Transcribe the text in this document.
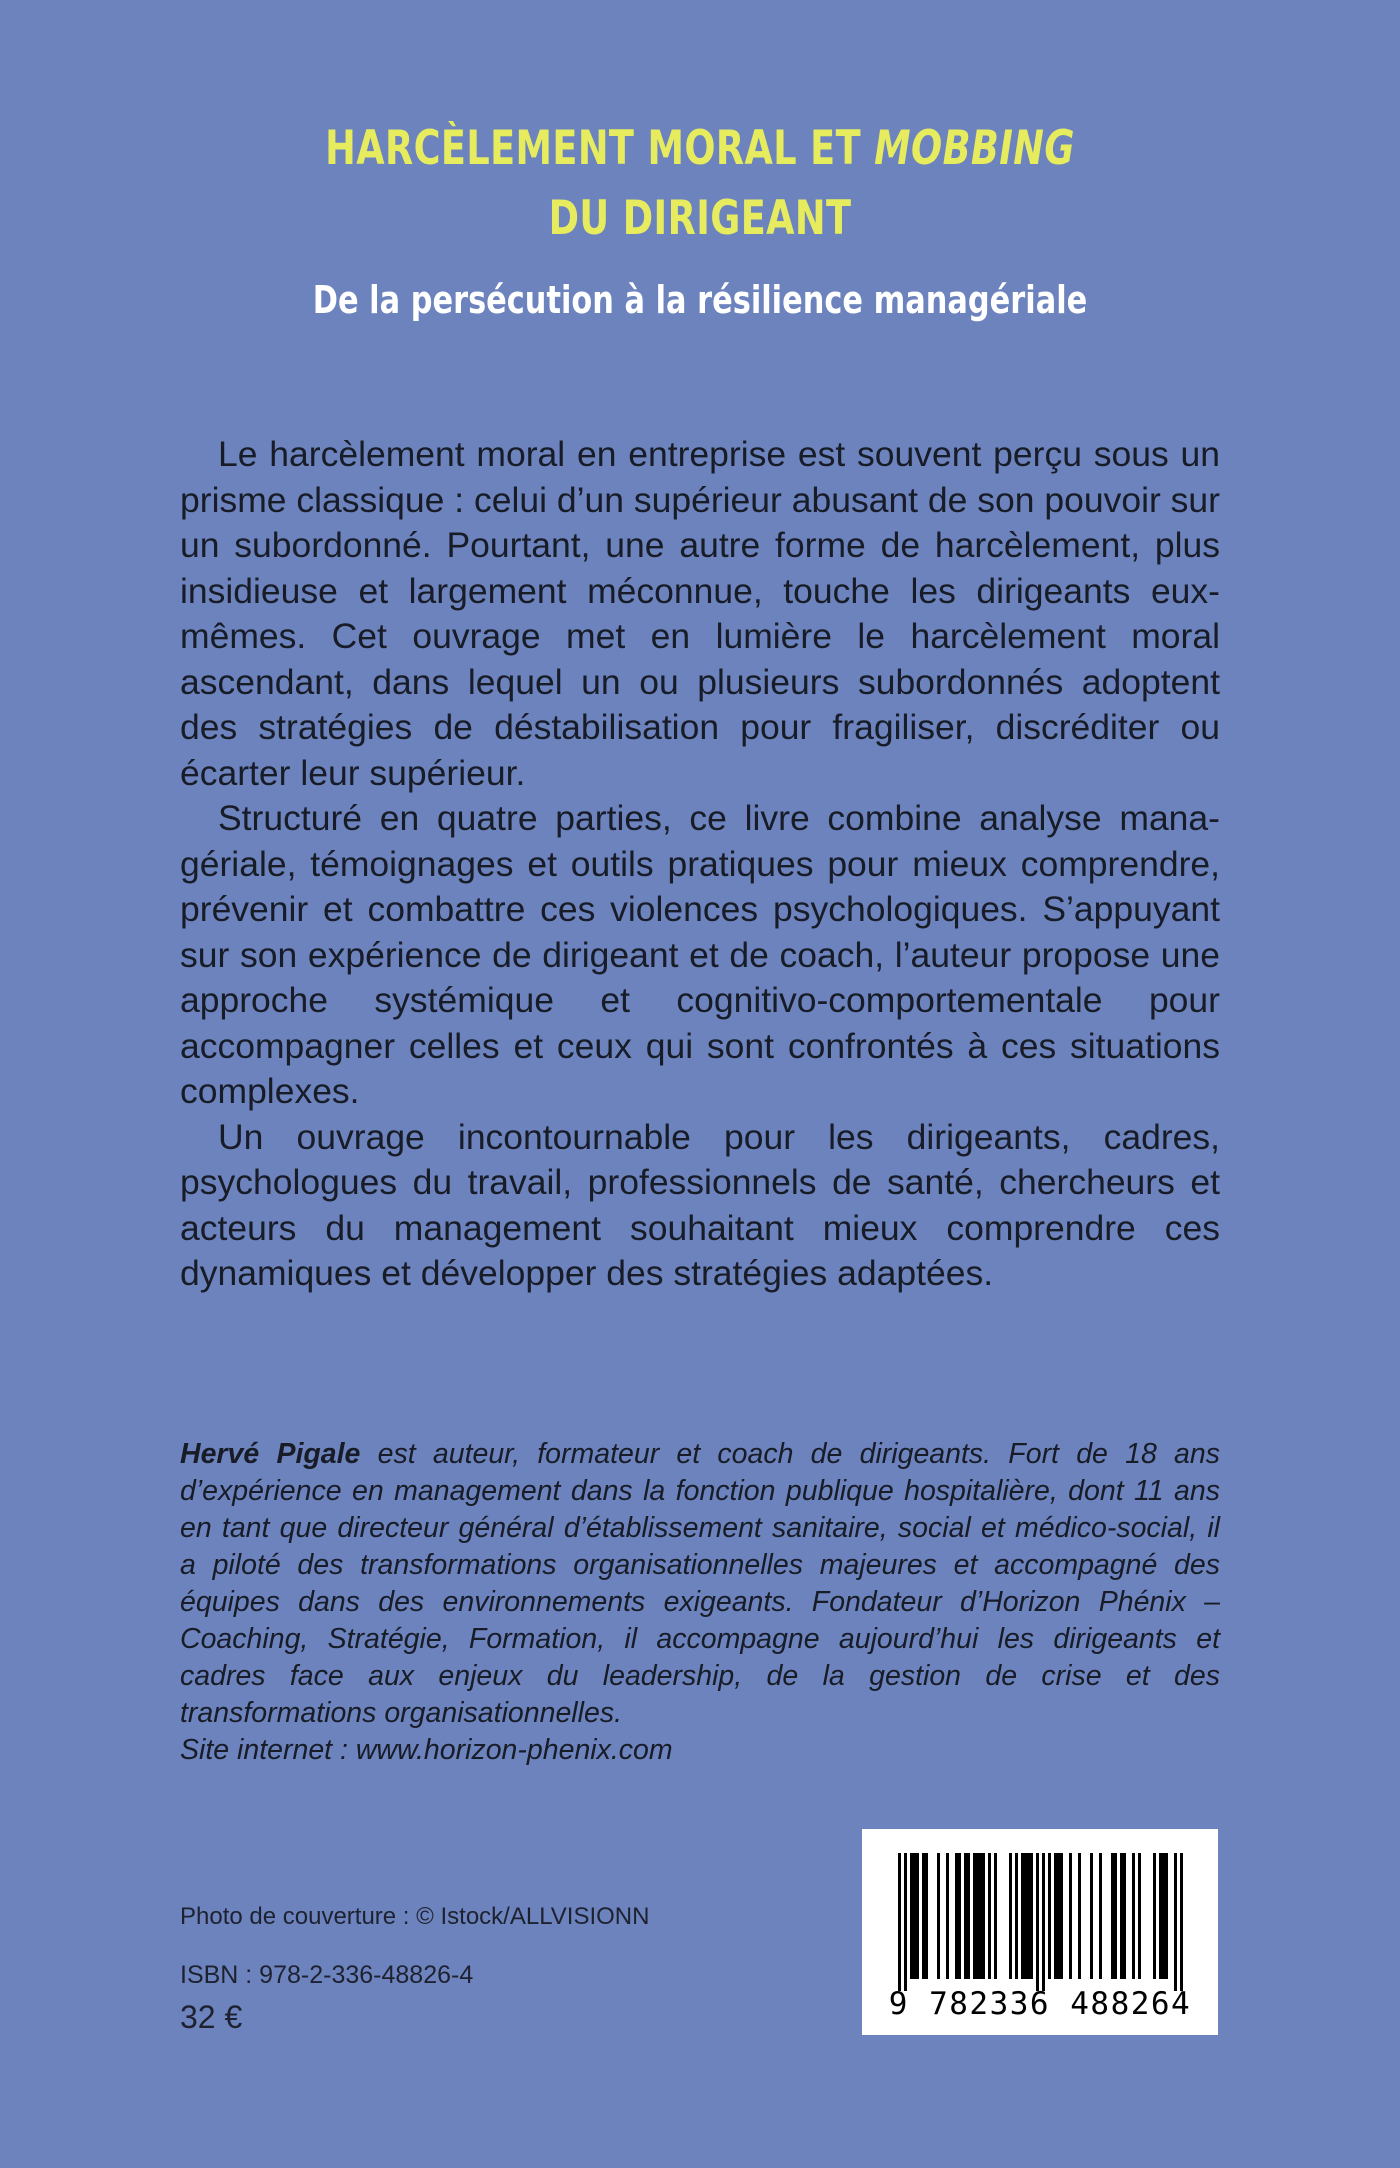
HARCÈLEMENT MORAL ET MOBBING
DU DIRIGEANT
De la persécution à la résilience managériale

Le harcèlement moral en entreprise est souvent perçu sous un prisme classique : celui d’un supérieur abusant de son pouvoir sur un subordonné. Pourtant, une autre forme de harcèlement, plus insidieuse et largement méconnue, touche les dirigeants eux-mêmes. Cet ouvrage met en lumière le harcèlement moral ascendant, dans lequel un ou plusieurs subordonnés adoptent des stratégies de déstabilisation pour fragiliser, discréditer ou écarter leur supérieur.

Structuré en quatre parties, ce livre combine analyse managériale, témoignages et outils pratiques pour mieux comprendre, prévenir et combattre ces violences psychologiques. S’appuyant sur son expérience de dirigeant et de coach, l’auteur propose une approche systémique et cognitivo-comportementale pour accompagner celles et ceux qui sont confrontés à ces situations complexes.

Un ouvrage incontournable pour les dirigeants, cadres, psychologues du travail, professionnels de santé, chercheurs et acteurs du management souhaitant mieux comprendre ces dynamiques et développer des stratégies adaptées.

Hervé Pigale est auteur, formateur et coach de dirigeants. Fort de 18 ans d’expérience en management dans la fonction publique hospitalière, dont 11 ans en tant que directeur général d’établissement sanitaire, social et médico-social, il a piloté des transformations organisationnelles majeures et accompagné des équipes dans des environnements exigeants. Fondateur d’Horizon Phénix – Coaching, Stratégie, Formation, il accompagne aujourd’hui les dirigeants et cadres face aux enjeux du leadership, de la gestion de crise et des transformations organisationnelles.

Site internet : www.horizon-phenix.com

Photo de couverture : © Istock/ALLVISIONN
ISBN : 978-2-336-48826-4
32 €	9 782336 488264
